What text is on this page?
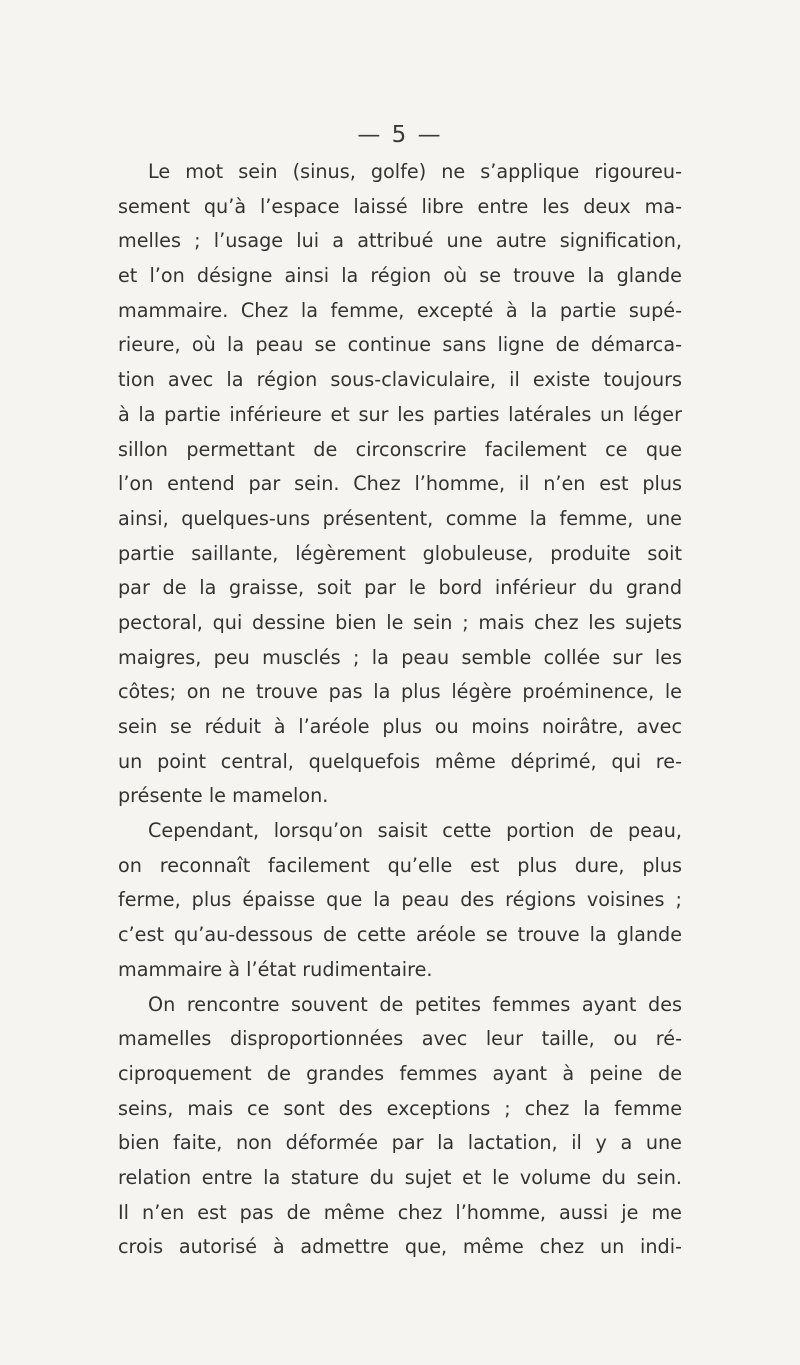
— 5 —
Le mot sein (sinus, golfe) ne s’applique rigoureu-
sement qu’à l’espace laissé libre entre les deux ma-
melles ; l’usage lui a attribué une autre signification,
et l’on désigne ainsi la région où se trouve la glande
mammaire. Chez la femme, excepté à la partie supé-
rieure, où la peau se continue sans ligne de démarca-
tion avec la région sous-claviculaire, il existe toujours
à la partie inférieure et sur les parties latérales un léger
sillon permettant de circonscrire facilement ce que
l’on entend par sein. Chez l’homme, il n’en est plus
ainsi, quelques-uns présentent, comme la femme, une
partie saillante, légèrement globuleuse, produite soit
par de la graisse, soit par le bord inférieur du grand
pectoral, qui dessine bien le sein ; mais chez les sujets
maigres, peu musclés ; la peau semble collée sur les
côtes; on ne trouve pas la plus légère proéminence, le
sein se réduit à l’aréole plus ou moins noirâtre, avec
un point central, quelquefois même déprimé, qui re-
présente le mamelon.
Cependant, lorsqu’on saisit cette portion de peau,
on reconnaît facilement qu’elle est plus dure, plus
ferme, plus épaisse que la peau des régions voisines ;
c’est qu’au-dessous de cette aréole se trouve la glande
mammaire à l’état rudimentaire.
On rencontre souvent de petites femmes ayant des
mamelles disproportionnées avec leur taille, ou ré-
ciproquement de grandes femmes ayant à peine de
seins, mais ce sont des exceptions ; chez la femme
bien faite, non déformée par la lactation, il y a une
relation entre la stature du sujet et le volume du sein.
Il n’en est pas de même chez l’homme, aussi je me
crois autorisé à admettre que, même chez un indi-
